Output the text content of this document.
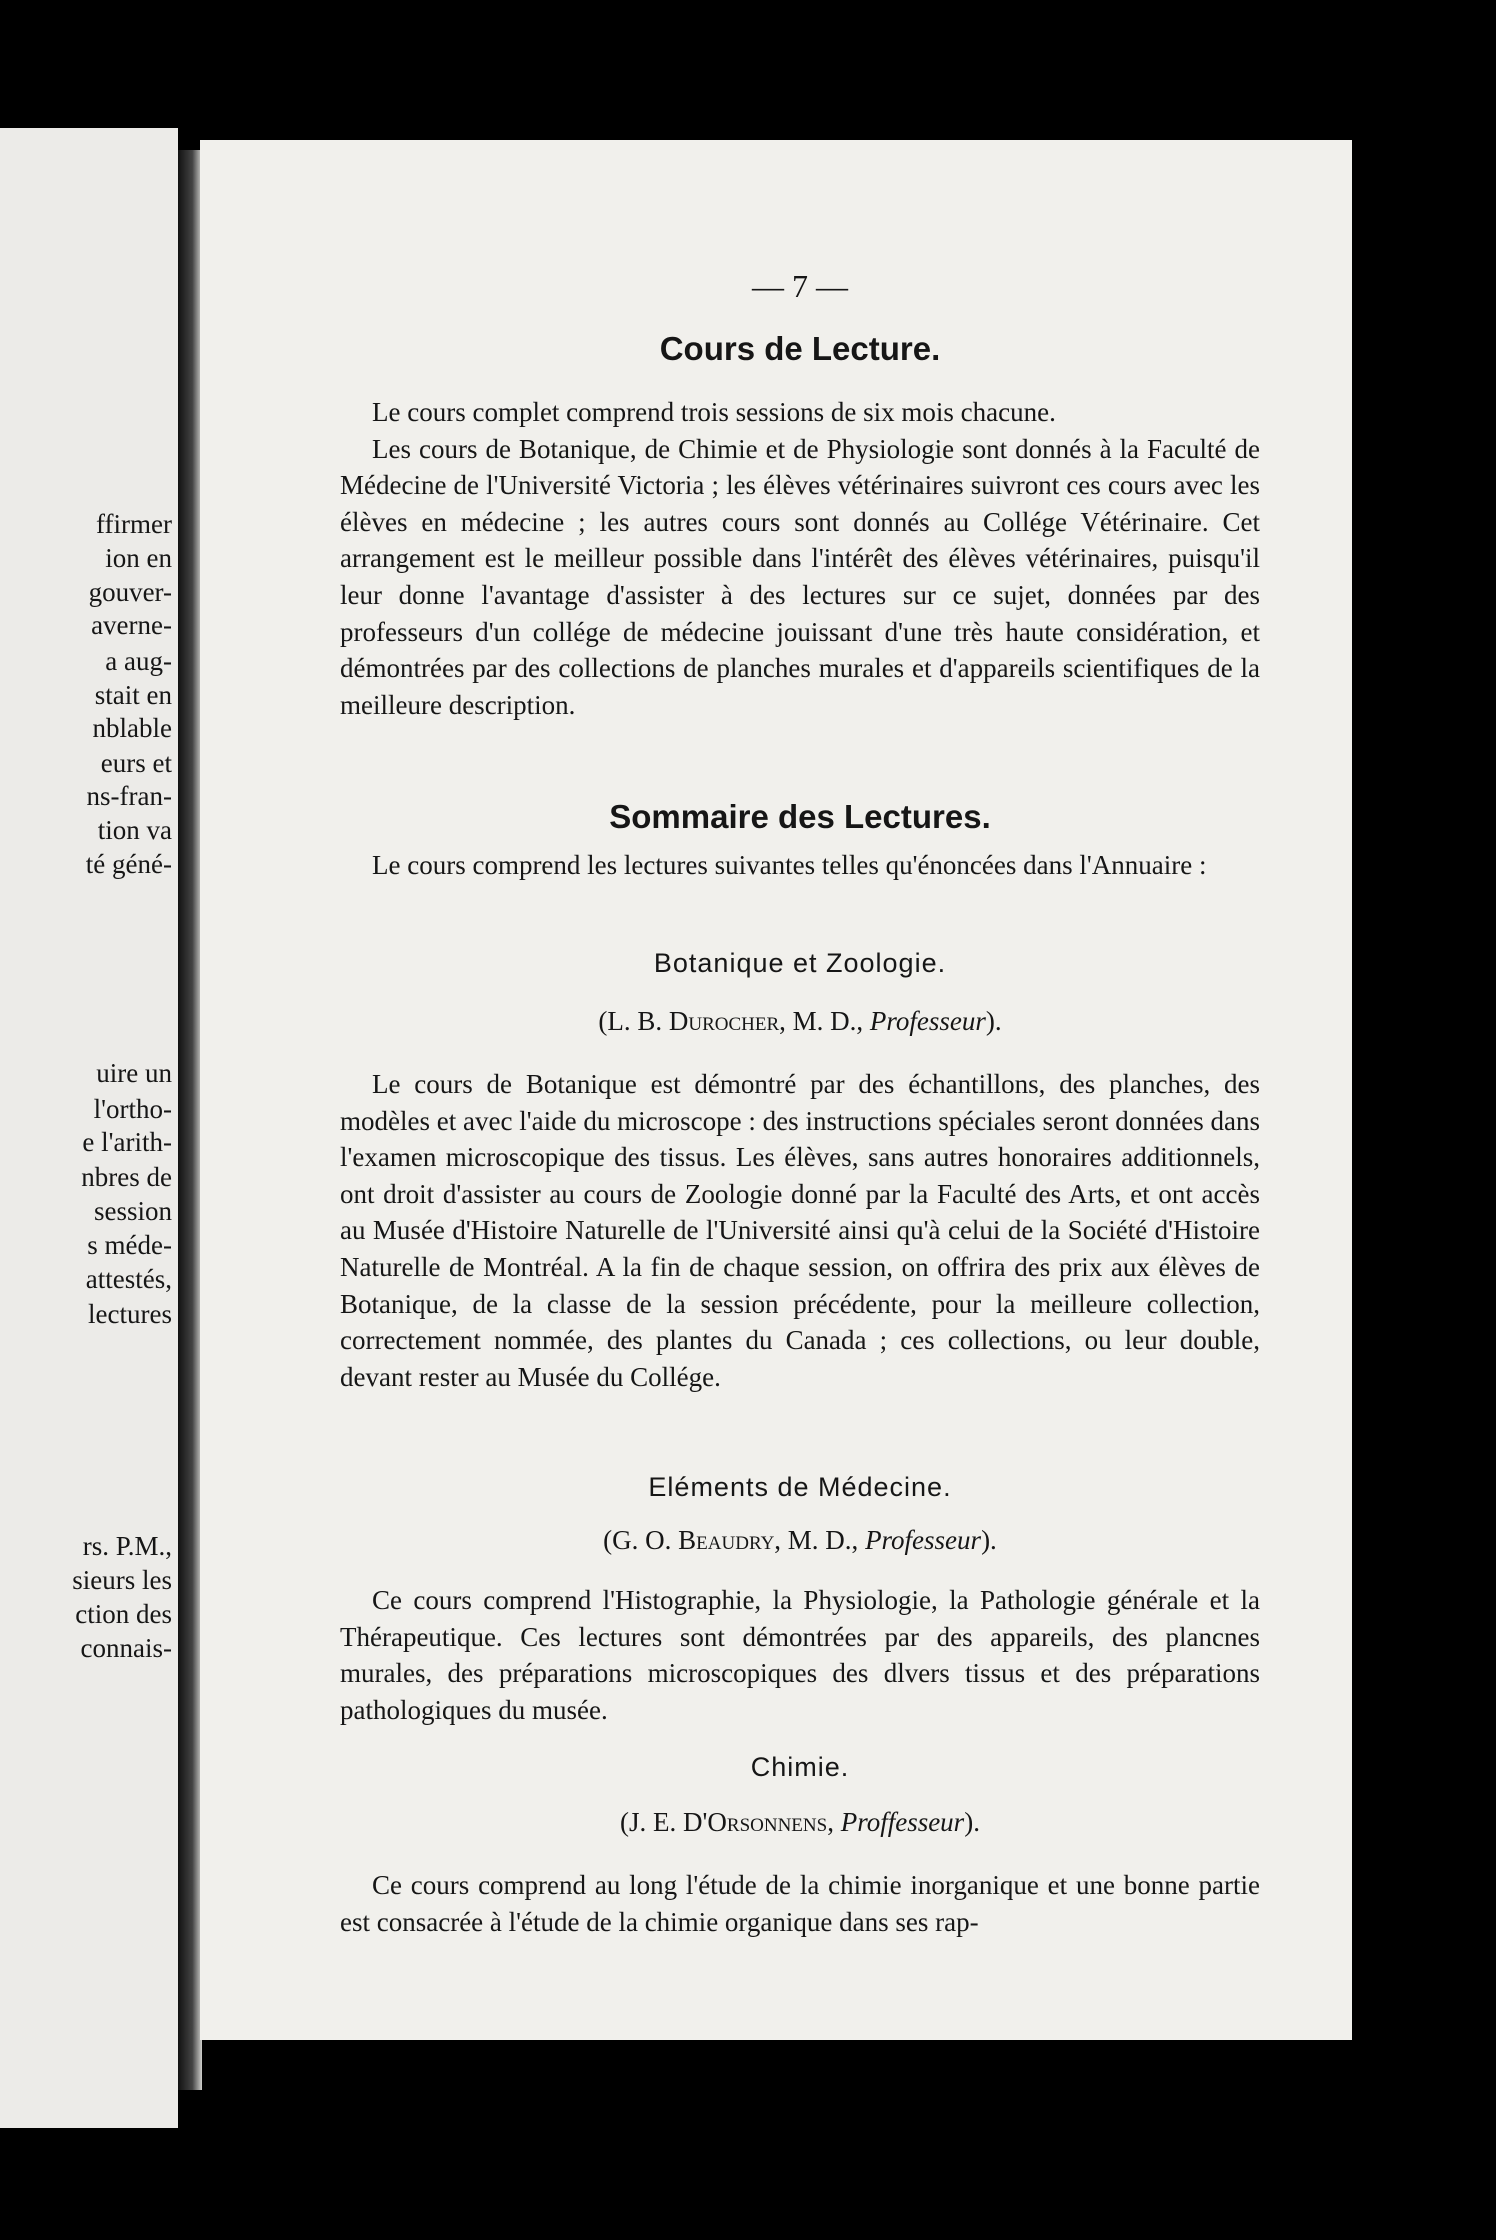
ffirmer
ion en
gouver-
averne-
a aug-
stait en
nblable
eurs et
ns-fran-
tion va
té géné-
uire un
l'ortho-
e l'arith-
nbres de
session
s méde-
attestés,
lectures
rs. P.M.,
sieurs les
ction des
connais-
— 7 —
Cours de Lecture.

Le cours complet comprend trois sessions de six mois chacune.

Les cours de Botanique, de Chimie et de Physiologie sont donnés à la Faculté de Médecine de l'Université Victoria ; les élèves vétérinaires suivront ces cours avec les élèves en médecine ; les autres cours sont donnés au Collége Vétérinaire. Cet arrangement est le meilleur possible dans l'intérêt des élèves vétérinaires, puisqu'il leur donne l'avantage d'assister à des lectures sur ce sujet, données par des professeurs d'un collége de médecine jouissant d'une très haute considération, et démontrées par des collections de planches murales et d'appareils scientifiques de la meilleure description.

Sommaire des Lectures.

Le cours comprend les lectures suivantes telles qu'énoncées dans l'Annuaire :

Botanique et Zoologie.
(L. B. Durocher, M. D., Professeur).

Le cours de Botanique est démontré par des échantillons, des planches, des modèles et avec l'aide du microscope : des instructions spéciales seront données dans l'examen microscopique des tissus. Les élèves, sans autres honoraires additionnels, ont droit d'assister au cours de Zoologie donné par la Faculté des Arts, et ont accès au Musée d'Histoire Naturelle de l'Université ainsi qu'à celui de la Société d'Histoire Naturelle de Montréal. A la fin de chaque session, on offrira des prix aux élèves de Botanique, de la classe de la session précédente, pour la meilleure collection, correctement nommée, des plantes du Canada ; ces collections, ou leur double, devant rester au Musée du Collége.

Eléments de Médecine.
(G. O. Beaudry, M. D., Professeur).

Ce cours comprend l'Histographie, la Physiologie, la Pathologie générale et la Thérapeutique. Ces lectures sont démontrées par des appareils, des plancnes murales, des préparations microscopiques des dlvers tissus et des préparations pathologiques du musée.

Chimie.
(J. E. D'Orsonnens, Proffesseur).

Ce cours comprend au long l'étude de la chimie inorganique et une bonne partie est consacrée à l'étude de la chimie organique dans ses rap-
